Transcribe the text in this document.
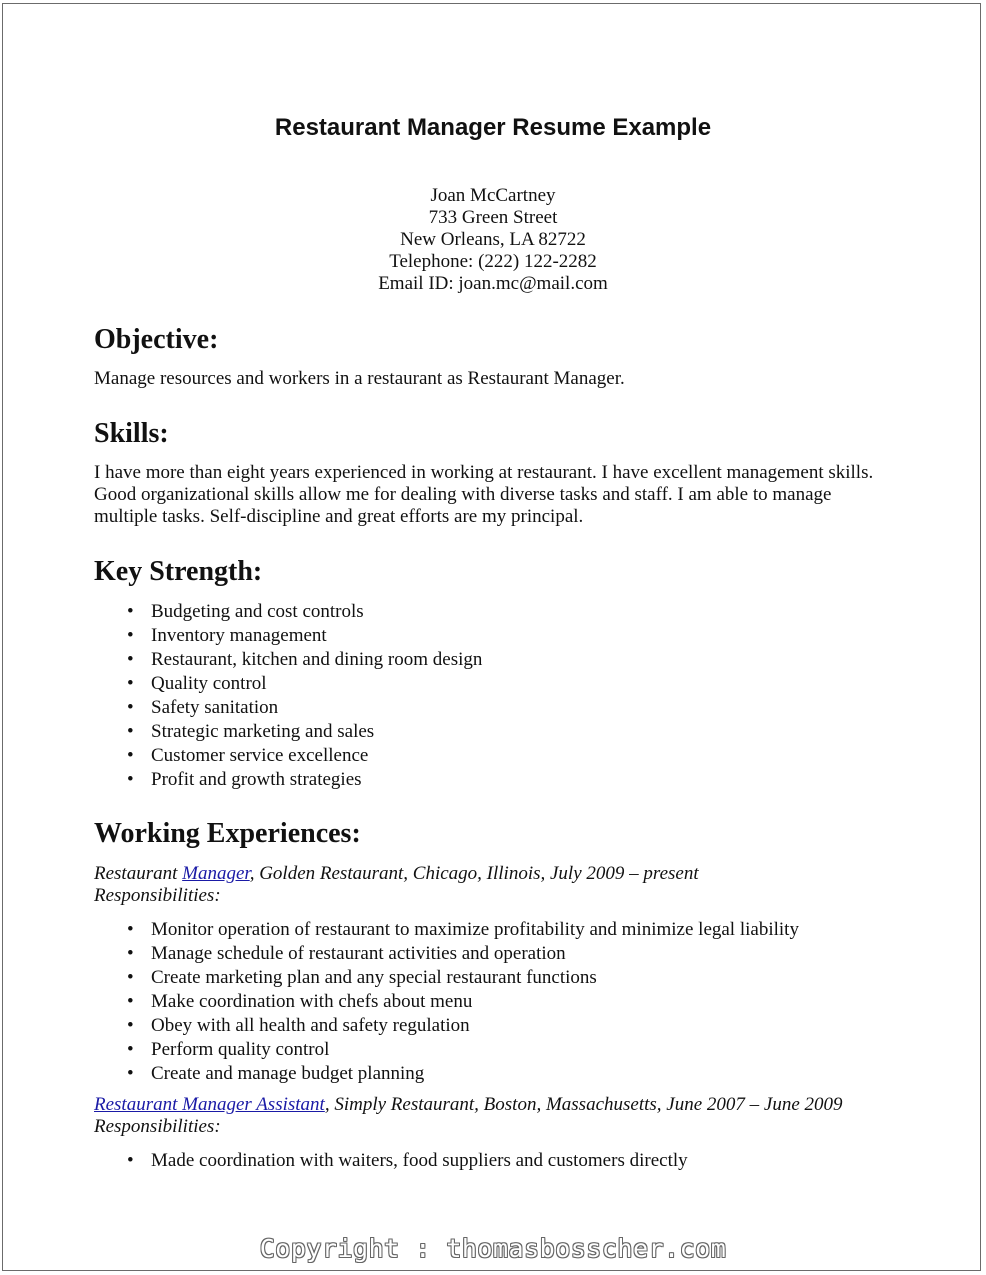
Restaurant Manager Resume Example
Joan McCartney
733 Green Street
New Orleans, LA 82722
Telephone: (222) 122-2282
Email ID: joan.mc@mail.com
Objective:

Manage resources and workers in a restaurant as Restaurant Manager.

Skills:
I have more than eight years experienced in working at restaurant. I have excellent management skills.
Good organizational skills allow me for dealing with diverse tasks and staff. I am able to manage
multiple tasks. Self-discipline and great efforts are my principal.
Key Strength:
• Budgeting and cost controls
• Inventory management
• Restaurant, kitchen and dining room design
• Quality control
• Safety sanitation
• Strategic marketing and sales
• Customer service excellence
• Profit and growth strategies
Working Experiences:
Restaurant Manager, Golden Restaurant, Chicago, Illinois, July 2009 – present
Responsibilities:
• Monitor operation of restaurant to maximize profitability and minimize legal liability
• Manage schedule of restaurant activities and operation
• Create marketing plan and any special restaurant functions
• Make coordination with chefs about menu
• Obey with all health and safety regulation
• Perform quality control
• Create and manage budget planning
Restaurant Manager Assistant, Simply Restaurant, Boston, Massachusetts, June 2007 – June 2009
Responsibilities:
• Made coordination with waiters, food suppliers and customers directly
Copyright : thomasbosscher.com
